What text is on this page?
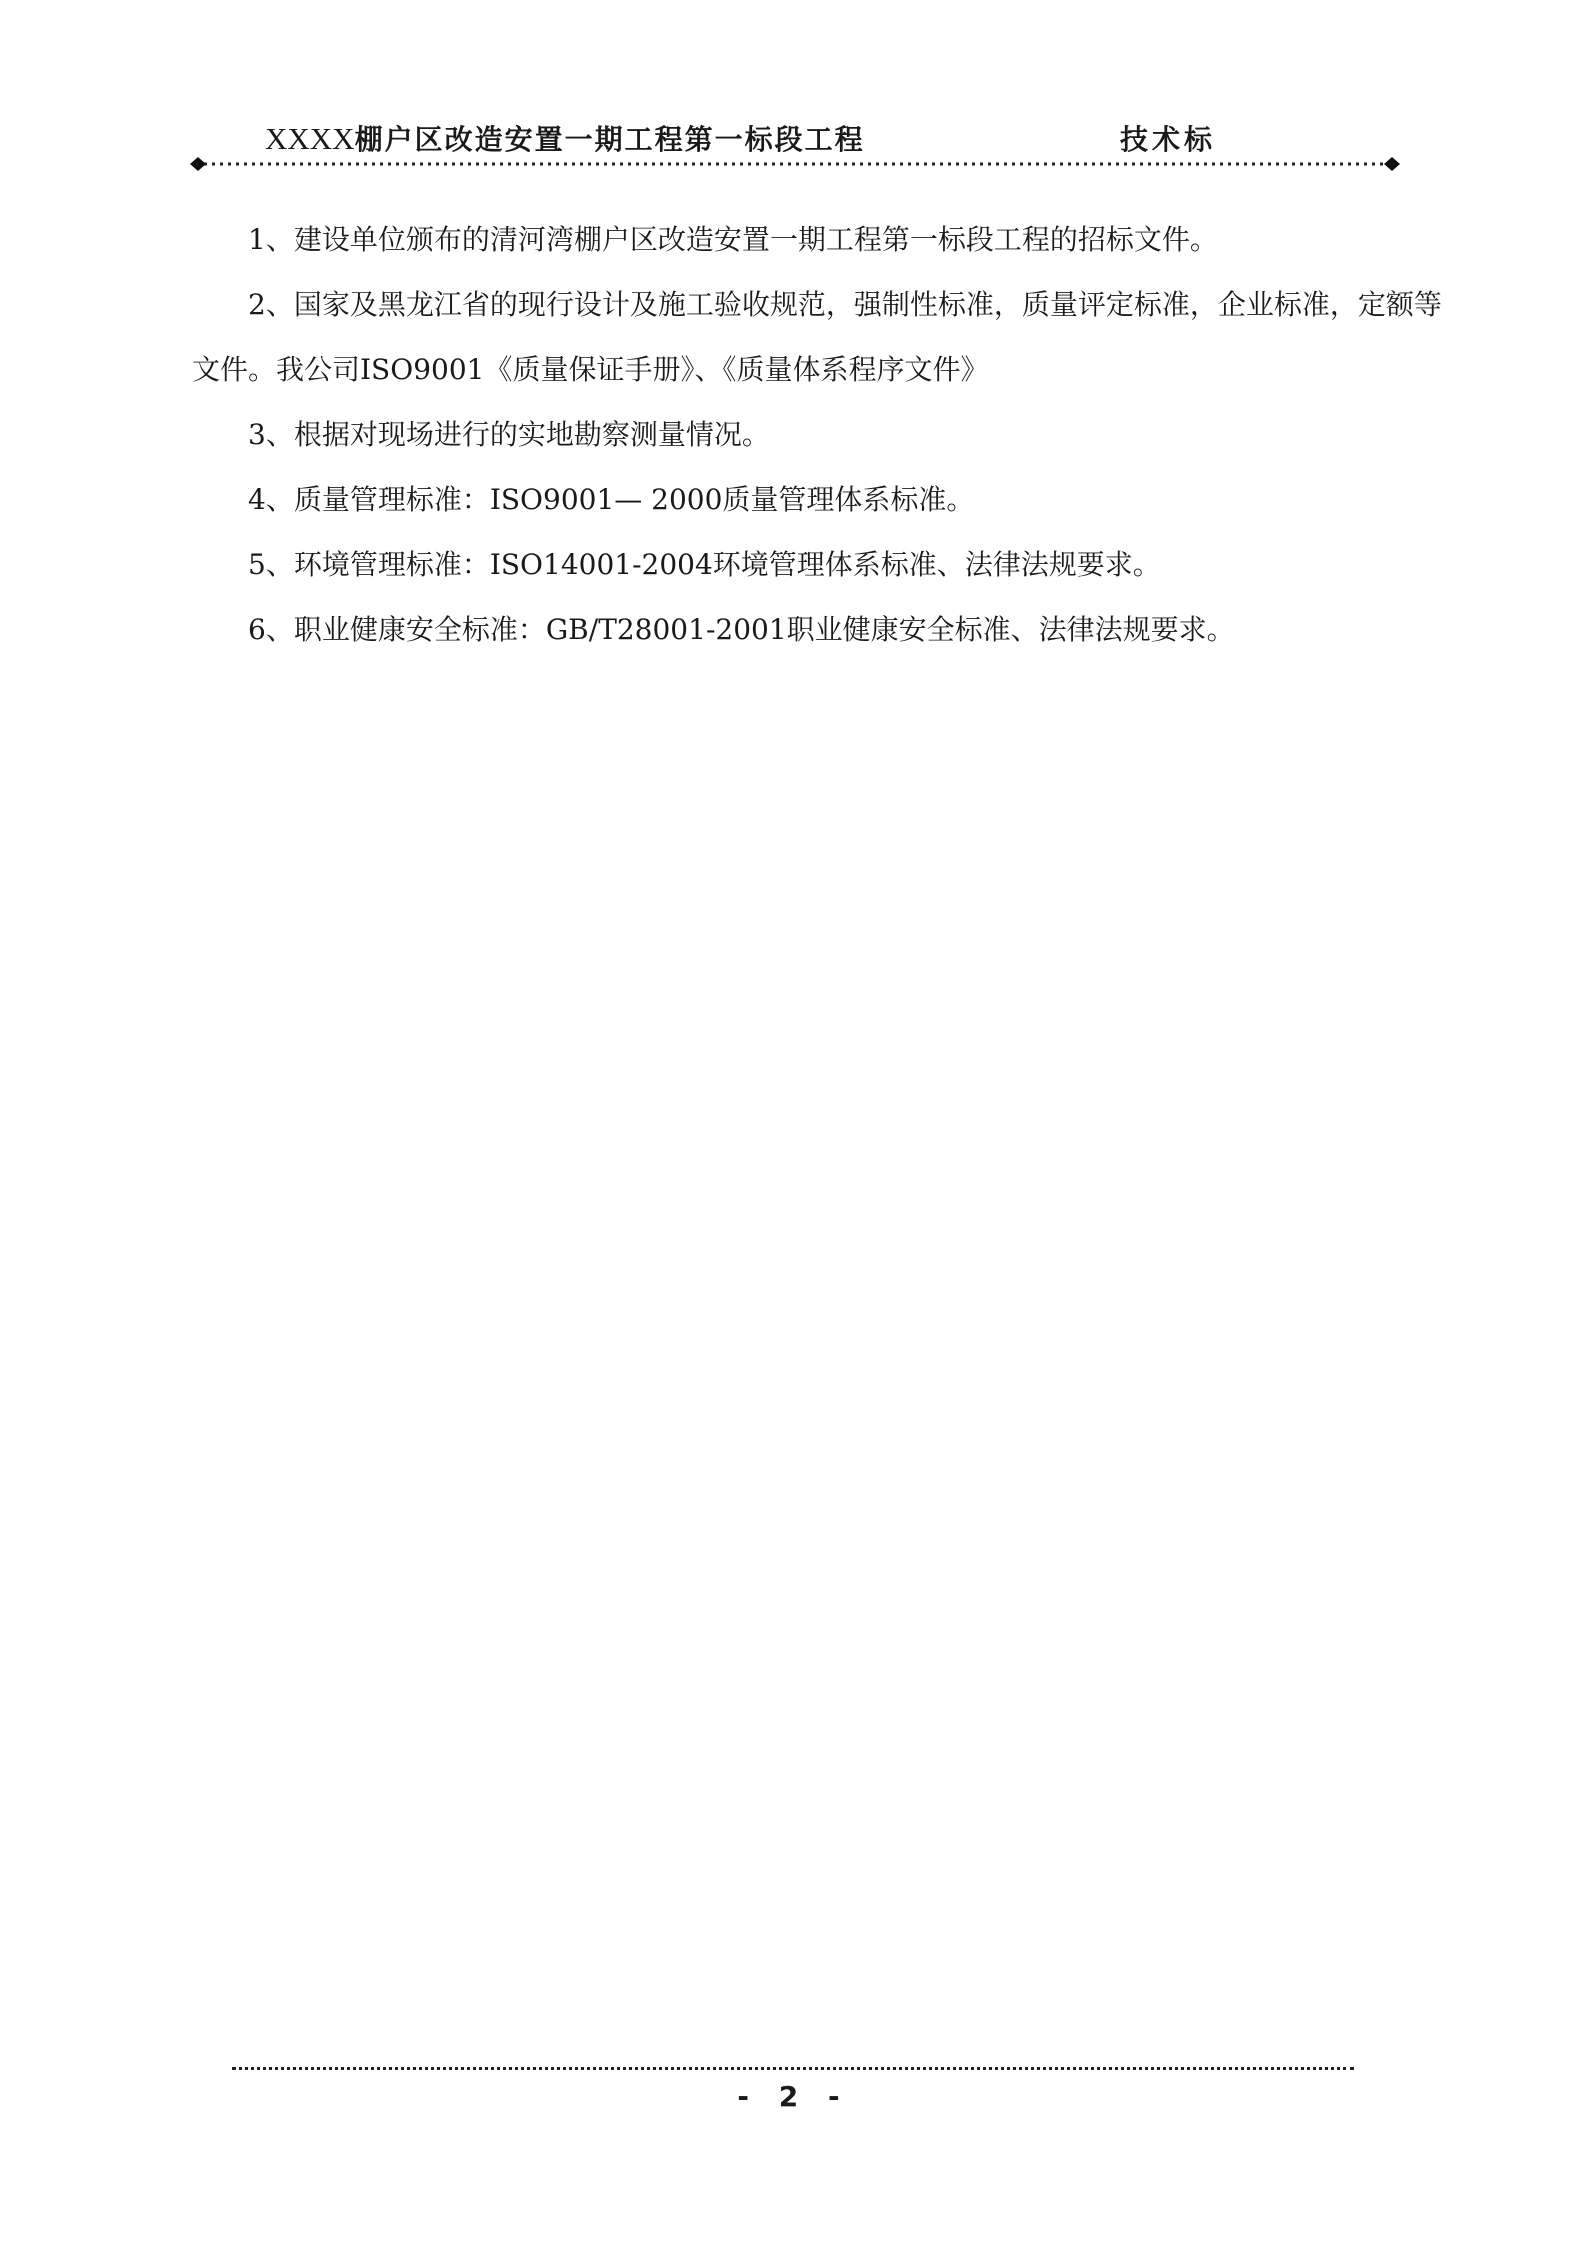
XXXX棚户区改造安置一期工程第一标段工程	技术标

1、建设单位颁布的清河湾棚户区改造安置一期工程第一标段工程的招标文件。

2、国家及黑龙江省的现行设计及施工验收规范，强制性标准，质量评定标准，企业标准，定额等文件。我公司ISO9001《质量保证手册》、《质量体系程序文件》

3、根据对现场进行的实地勘察测量情况。

4、质量管理标准：ISO9001— 2000质量管理体系标准。

5、环境管理标准：ISO14001-2004环境管理体系标准、法律法规要求。

6、职业健康安全标准：GB/T28001-2001职业健康安全标准、法律法规要求。

- 2 -
